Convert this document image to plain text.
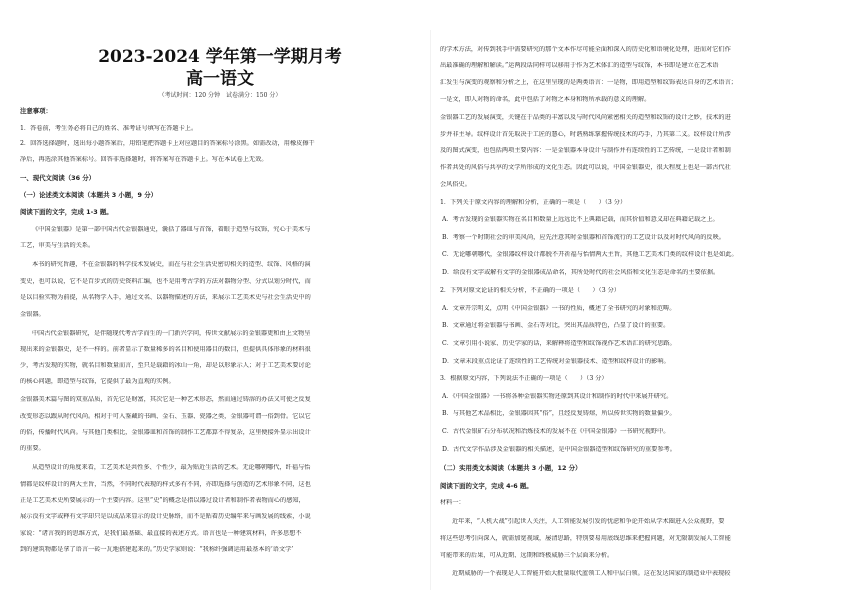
2023-2024 学年第一学期月考
高一语文
（考试时间：120 分钟　试卷满分：150 分）
注意事项：
1．答卷前，考生务必将自己的姓名、准考证号填写在答题卡上。
2．回答选择题时，选出每小题答案后，用铅笔把答题卡上对应题目的答案标号涂黑。如需改动，用橡皮擦干
净后，再选涂其他答案标号。回答非选择题时，将答案写在答题卡上。写在本试卷上无效。
一、现代文阅读（36 分）
（一）论述类文本阅读（本题共 3 小题，9 分）
阅读下面的文字，完成 1-3 题。
《中国金银器》是第一部中国古代金银器通史，囊括了器皿与首饰，着眼于造型与纹饰，究心于美术与
工艺，审美与生活的关系。
本书的研究旨趣，不在金银器的科学技术发展史，而在与社会生活史密切相关的造型、纹饰、风格的演
变史，也可以说，它不是百步式的历史资料汇编，也不是用考古学的方法对器物分型、分式以划分时代，而
是以目验实物为前提，从名物学入手，通过文名、以器物描述的方法，来展示工艺美术史与社会生活史中的
金银器。
中国古代金银器研究，是伴随现代考古学而生的一门新兴学问，传世文献展示的金银器更和由上文物呈
现出来的金银器史，是不一样的。前者显示了数量稀多的名目和使用器目的数目，但提供具体形象的材料很
少，考古发现的实物，就名目和数量而言，至只是载籍的冰山一角，却是以形象示人；对于工艺美术要讨论
的核心问题，即造型与纹饰，它提供了最为直观的实例。
金银器美术篇与图的双重品质，首先它是财富，其次它是一种艺术形态，然而通过铸溶的办法又可使之反复
改变形态以跟从时代风尚。相对于可入鉴藏的书画、金石、玉器、瓷器之类，金银器可谓一俗到骨。它以它
的俗，传播时代风尚。与其他门类相比，金银器皿和首饰的制作工艺都算不得复杂，这里便接外显示出设计
的重要。
从造型设计的角度来看，工艺美术是共性多、个性少，最为贴近生活的艺术。无论哪朝哪代，纤福与怡
情都是纹样设计的两大主旨，当然，不同时代表现的样式多有不同，亦即选择与创造的艺术形象不同，这也
正是工艺美术史所要展示的一个主要内容。这里“史”的概念是指以器过设计者和制作者表物而心的感知，
展示没有文字或释有文字却只是以成品来显示的设计史脉络，而不是贴着历史编年来与画发展的线索，小说
家说：“诸言我的的思维方式，是我们最基础、最直接的表述方式。语言也是一种建筑材料，许多思想不
到的建筑物都是拿了语言一砖一瓦地搭建起来的。”历史学家则说：“我称纤强调运用最基本的‘语文学’
的学术方法，对传到我手中需要研究的那个文本作尽可能全面和深入的历史化和语境化处理，进而对它们作
出最准确的理解和解读。”运两段话同样可以移用于作为艺术体汇的造型与纹饰，本书即是建立在艺术语
汇发生与演变的观察和分析之上，在这里呈现的是两类语言：一是物，即用造型和纹饰表达自身的艺术语言；
一是文，即人对物的命名，此中包括了对物之本身和物所承载的意义的理解。
金银器工艺的发展演变，关键在于品类的丰富以及与时代风尚紧密相关的造型和纹饰的设计之妙，技术的进
步并非主导。纹样设计首先取决于工匠的慧心，时谐熟练掌握传统技术的巧手，乃其第二义。纹样设计所涉
及的图式演变，也包括两项主要内容：一是金银器本身设计与制作并有连续性的工艺传统，一是设计者和制
作者共处的风俗与共享的文学所形成的文化生态。因此可以说，中国金银器史，很大程度上也是一部古代社
会风俗史。
1．下列关于原文内容的理解和分析，正确的一项是（　　）（3 分）
A．考古发现的金银器实物在名目和数量上远远比不上典籍记载，而其价值和意义却在典籍记载之上。
B．考察一个时期社会的审美风尚，应先注意其时金银器和首饰流行的工艺设计以及对时代风尚的反映。
C．无论哪朝哪代，金银器纹样设计都脱不开祈福与怡情两大主旨，其他工艺美术门类的纹样设计也是如此。
D．给没有文字或解有文字的金银器成品命名，其所处时代的社会风俗和文化生态是命名的主要依据。
2．下列对原文论证的相关分析，不正确的一项是（　　）（3 分）
A．文章开宗明义，点明《中国金银器》一书的性质，概述了全书研究的对象和范畴。
B．文章通过将金银器与书画、金石等对比，突出其品质特色，凸显了设计的重要。
C．文章引用小说家、历史学家的话，来解释将造型和纹饰视作艺术语汇的研究思路。
D．文章末段重点论证了连续性的工艺传统对金银器技术、造型和纹样设计的影响。
3．根据原文内容，下列说法不正确的一项是（　　）（3 分）
A．《中国金银器》一书将各种金银器实物还原到其设计和制作的时代中来展开研究。
B．与其他艺术品相比，金银器因其“俗”，且经反复铸熔，所以传世实物的数量偏少。
C．古代金银矿石分布状况和冶炼技术的发展不在《中国金银器》一书研究视野中。
D．古代文学作品涉及金银器的相关描述，是中国金银器造型和纹饰研究的重要参考。
（二）实用类文本阅读（本题共 3 小题，12 分）
阅读下面的文字，完成 4-6 题。
材料一：
近年来，“人机大战”引起世人关注，人工智能发展引发的忧虑和争论开始从学术圈进入公众视野，要
将这些思考引向深入，就需加宽视域，屡清思路，特别要易用底线思维来把握问题，对无限制发展人工智能
可能带来的后果，可从近期、远期和终极威胁三个层面来分析。
近期威胁的一个表现是人工智能开始大批量取代蓝领工人和中层白领。这在发达国家的制造业中表现较
